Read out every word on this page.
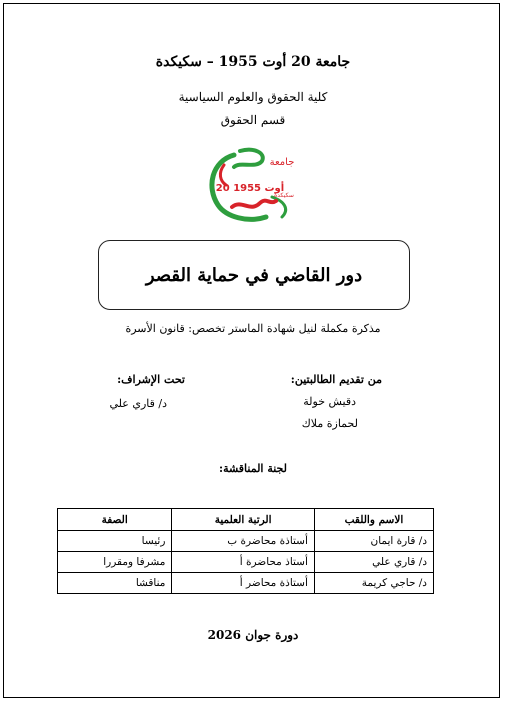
جامعة 20 أوت 1955 – سكيكدة
كلية الحقوق والعلوم السياسية
قسم الحقوق
جامعة
20 أوت 1955
سكيكدة
دور القاضي في حماية القصر
مذكرة مكملة لنيل شهادة الماستر تخصص: قانون الأسرة
من تقديم الطالبتين:
دقيش خولة
لحمازة ملاك
تحت الإشراف:
د/ قاري علي
لجنة المناقشة:
الاسم واللقب	الرتبة العلمية	الصفة
د/ قارة ايمان	أستاذة محاضرة ب	رئيسا
د/ قاري علي	أستاذ محاضرة أ	مشرفا ومقررا
د/ حاجي كريمة	أستاذة محاضر أ	مناقشا
دورة جوان 2026
